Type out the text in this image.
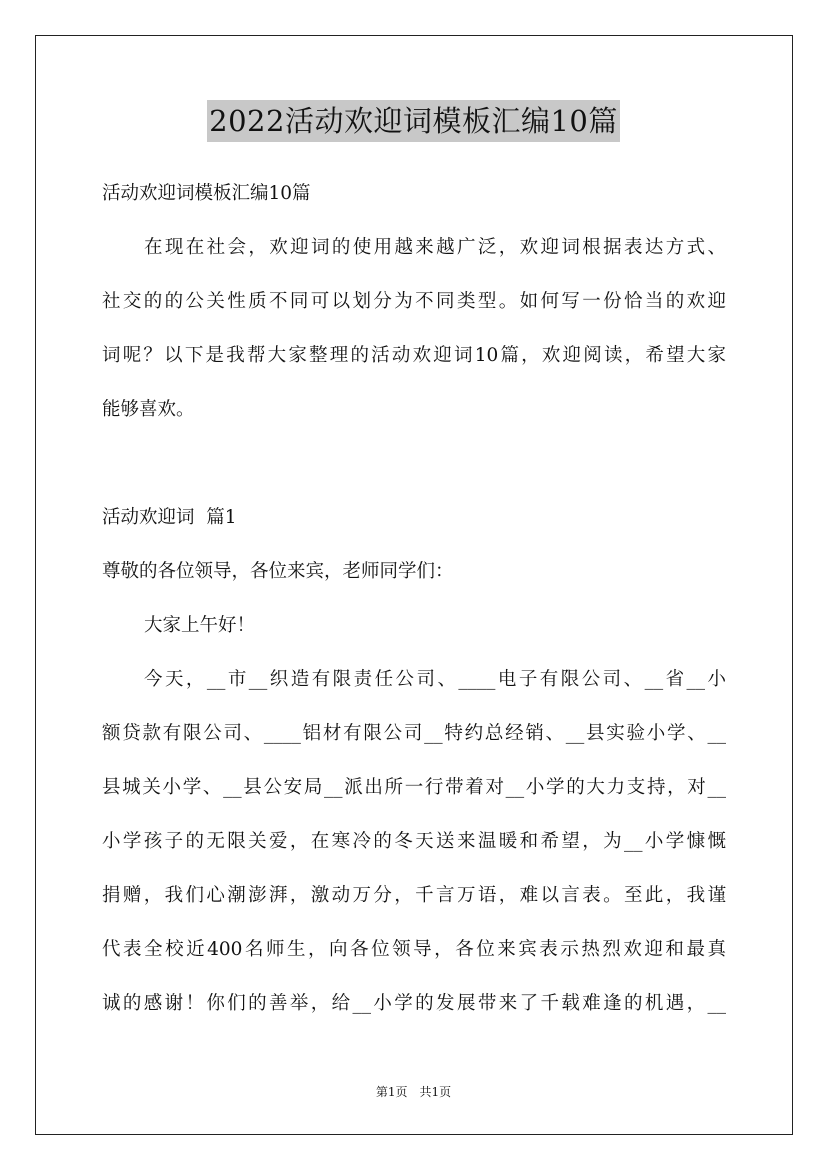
2022活动欢迎词模板汇编10篇
活动欢迎词模板汇编10篇
在现在社会，欢迎词的使用越来越广泛，欢迎词根据表达方式、
社交的的公关性质不同可以划分为不同类型。如何写一份恰当的欢迎
词呢？以下是我帮大家整理的活动欢迎词10篇，欢迎阅读，希望大家
能够喜欢。
活动欢迎词  篇1
尊敬的各位领导，各位来宾，老师同学们：
大家上午好！
今天，__市__织造有限责任公司、____电子有限公司、__省__小
额贷款有限公司、____铝材有限公司__特约总经销、__县实验小学、__
县城关小学、__县公安局__派出所一行带着对__小学的大力支持，对__
小学孩子的无限关爱，在寒冷的冬天送来温暖和希望，为__小学慷慨
捐赠，我们心潮澎湃，激动万分，千言万语，难以言表。至此，我谨
代表全校近400名师生，向各位领导，各位来宾表示热烈欢迎和最真
诚的感谢！你们的善举，给__小学的发展带来了千载难逢的机遇，__
第1页 共1页
